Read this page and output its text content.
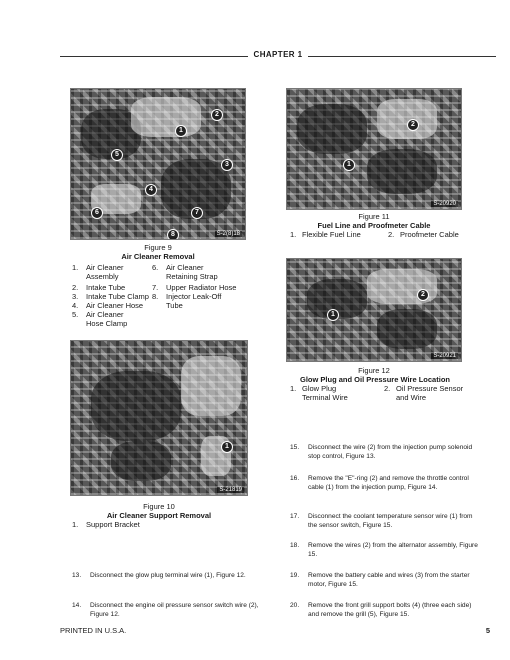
CHAPTER 1
1
2
3
4
5
6	7
8	S-2(8)18
Figure 9
Air Cleaner Removal
1. Air Cleaner
Assembly
2. Intake Tube
3. Intake Tube Clamp
4. Air Cleaner Hose
5. Air Cleaner
Hose Clamp
6. Air Cleaner
Retaining Strap
7. Upper Radiator Hose
8. Injector Leak-Off
Tube
1
S-21819
Figure 10
Air Cleaner Support Removal
1. Support Bracket
1
2
S-20920
Figure 11
Fuel Line and Proofmeter Cable
1. Flexible Fuel Line	2. Proofmeter Cable
1
2
S-20921
Figure 12
Glow Plug and Oil Pressure Wire Location
1. Glow Plug
Terminal Wire
2. Oil Pressure Sensor
and Wire
15. Disconnect the wire (2) from the injection pump solenoid stop control, Figure 13.
16. Remove the "E"-ring (2) and remove the throttle control cable (1) from the injection pump, Figure 14.
17. Disconnect the coolant temperature sensor wire (1) from the sensor switch, Figure 15.
18. Remove the wires (2) from the alternator assembly, Figure 15.
19. Remove the battery cable and wires (3) from the starter motor, Figure 15.
20. Remove the front grill support bolts (4) (three each side) and remove the grill (5), Figure 15.
13. Disconnect the glow plug terminal wire (1), Figure 12.
14. Disconnect the engine oil pressure sensor switch wire (2), Figure 12.
PRINTED IN U.S.A.	5
